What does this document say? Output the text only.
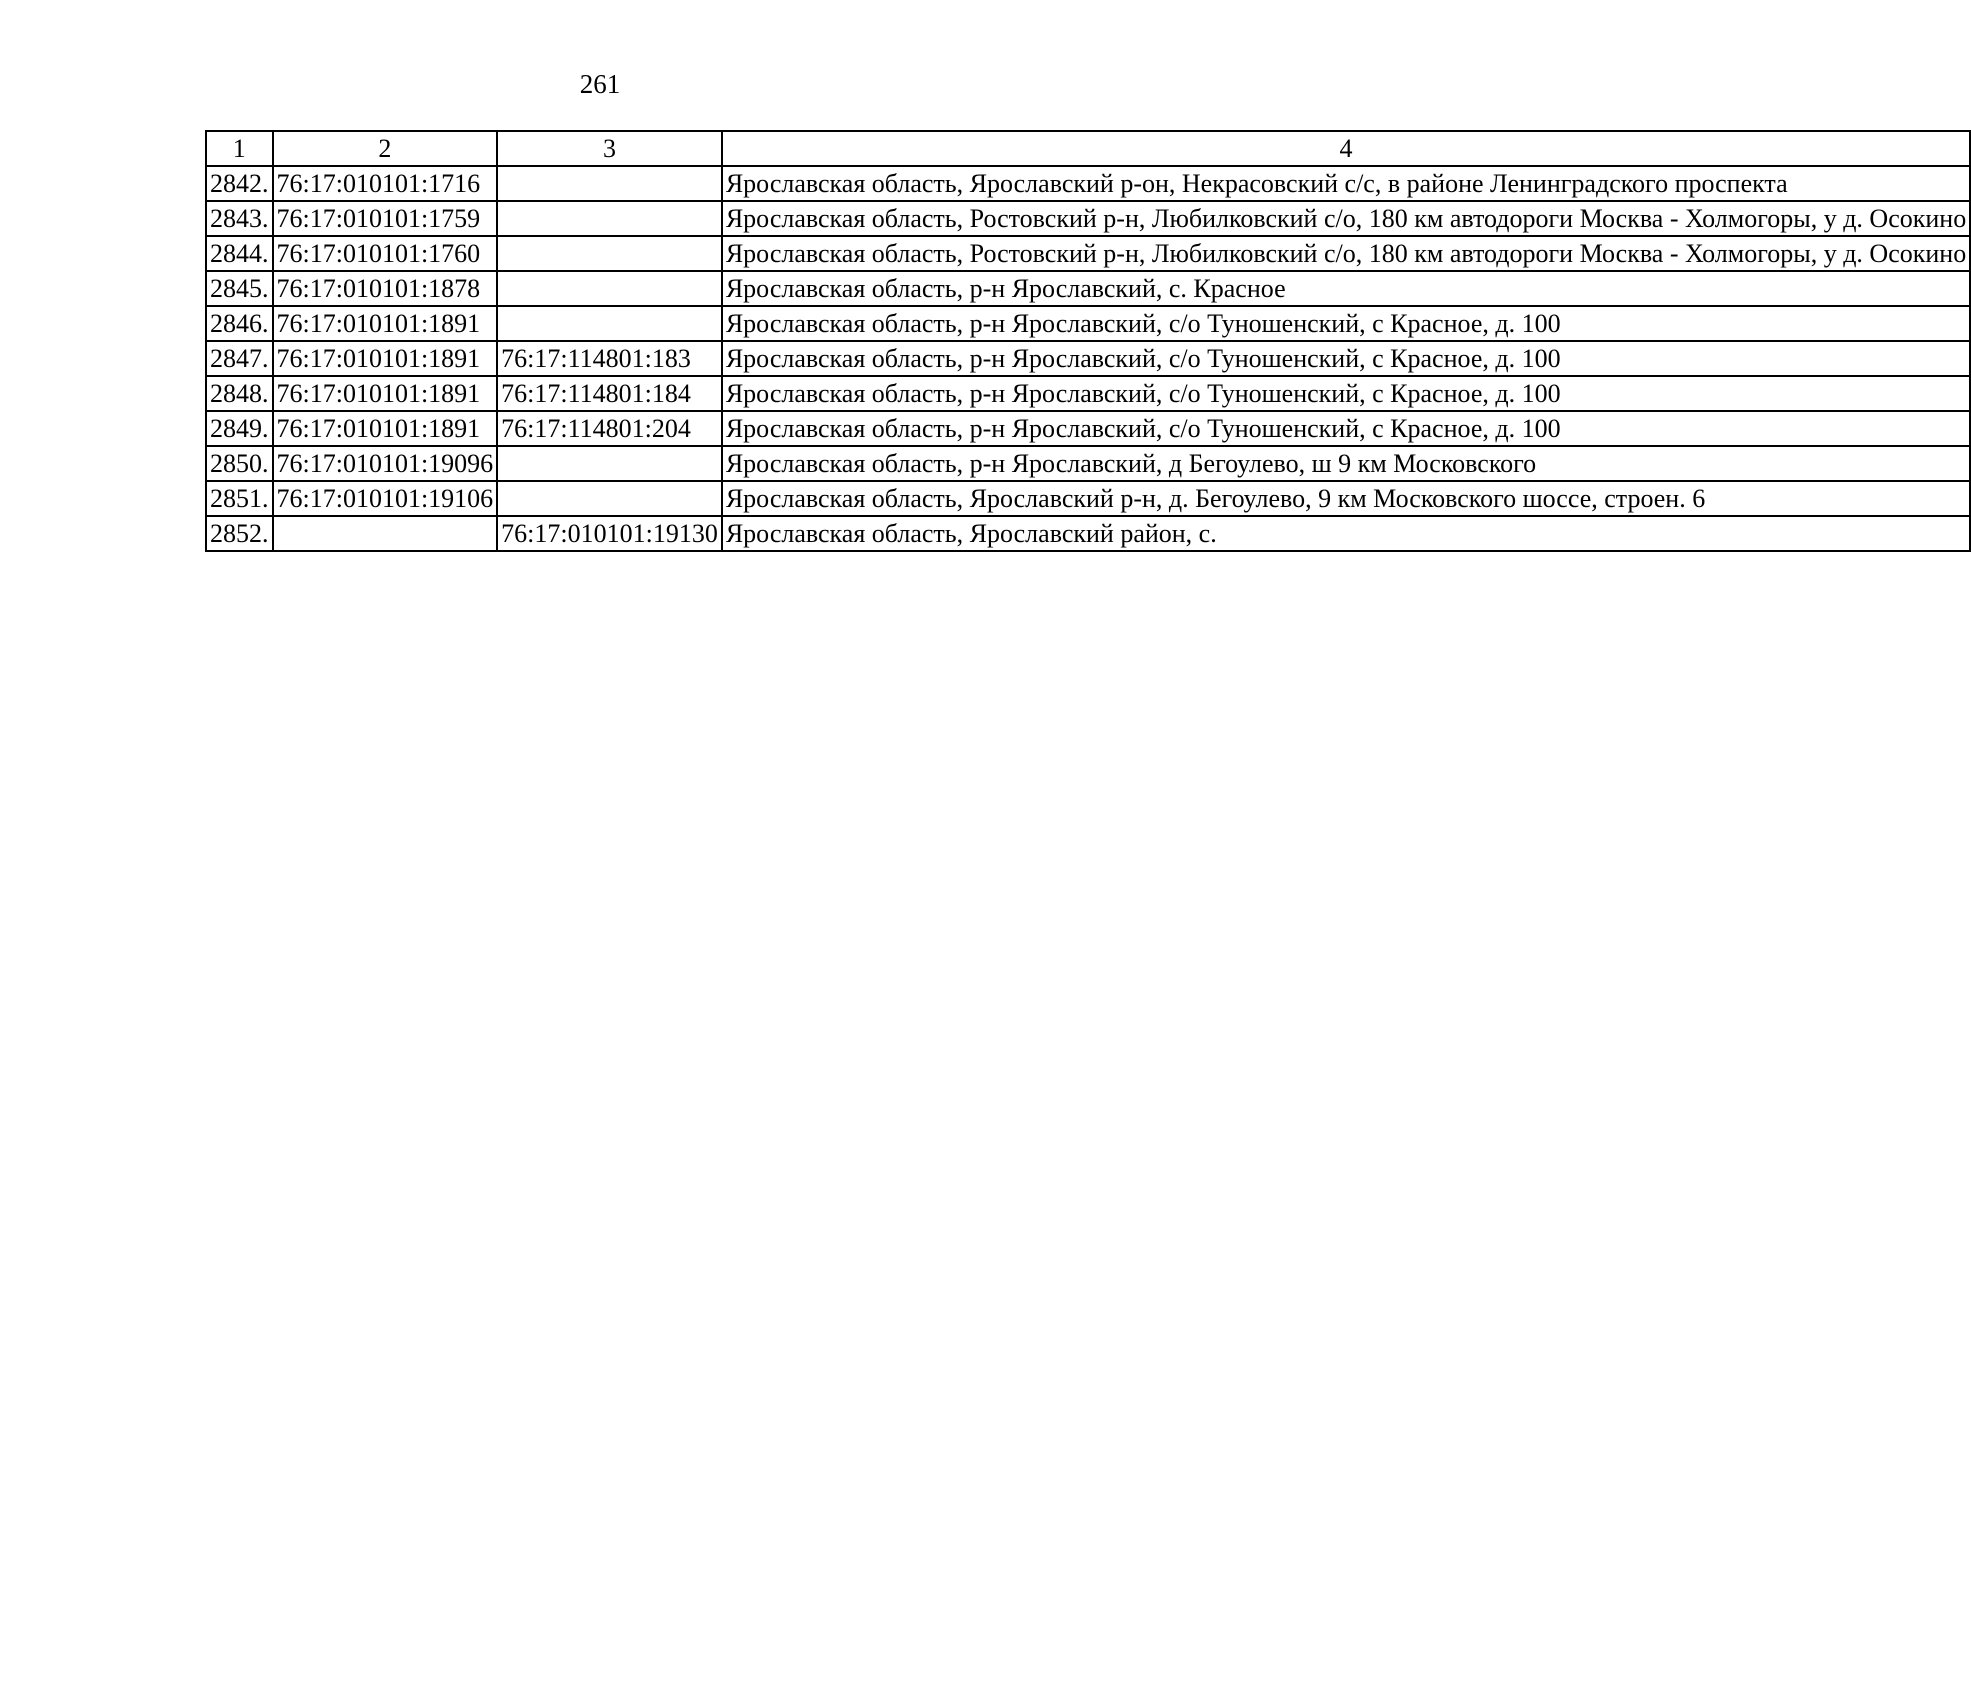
261
1	2	3	4
2842.	76:17:010101:1716		Ярославская область, Ярославский р-он, Некрасовский с/с, в районе Ленинградского проспекта
2843.	76:17:010101:1759		Ярославская область, Ростовский р-н, Любилковский с/о, 180 км автодороги Москва - Холмогоры, у д. Осокино
2844.	76:17:010101:1760		Ярославская область, Ростовский р-н, Любилковский с/о, 180 км автодороги Москва - Холмогоры, у д. Осокино
2845.	76:17:010101:1878		Ярославская область, р-н Ярославский, с. Красное
2846.	76:17:010101:1891		Ярославская область, р-н Ярославский, с/о Туношенский, с Красное, д. 100
2847.	76:17:010101:1891	76:17:114801:183	Ярославская область, р-н Ярославский, с/о Туношенский, с Красное, д. 100
2848.	76:17:010101:1891	76:17:114801:184	Ярославская область, р-н Ярославский, с/о Туношенский, с Красное, д. 100
2849.	76:17:010101:1891	76:17:114801:204	Ярославская область, р-н Ярославский, с/о Туношенский, с Красное, д. 100
2850.	76:17:010101:19096		Ярославская область, р-н Ярославский, д Бегоулево, ш 9 км Московского
2851.	76:17:010101:19106		Ярославская область, Ярославский р-н, д. Бегоулево, 9 км Московского шоссе, строен. 6
2852.		76:17:010101:19130	Ярославская область, Ярославский район, с.
